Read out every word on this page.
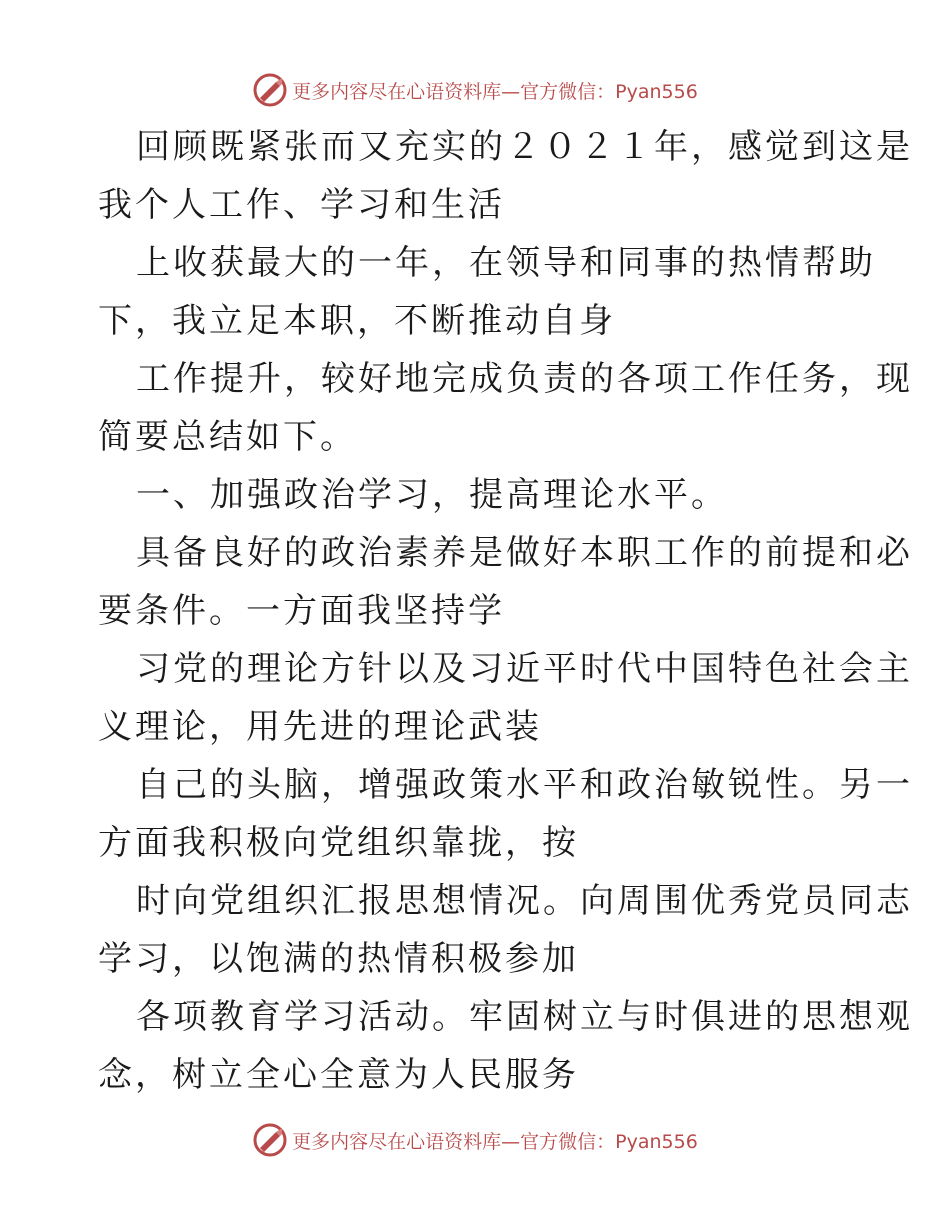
更多内容尽在心语资料库—官方微信：Pyan556
回顾既紧张而又充实的２０２１年，感觉到这是
我个人工作、学习和生活
上收获最大的一年，在领导和同事的热情帮助
下，我立足本职，不断推动自身
工作提升，较好地完成负责的各项工作任务，现
简要总结如下。
一、加强政治学习，提高理论水平。
具备良好的政治素养是做好本职工作的前提和必
要条件。一方面我坚持学
习党的理论方针以及习近平时代中国特色社会主
义理论，用先进的理论武装
自己的头脑，增强政策水平和政治敏锐性。另一
方面我积极向党组织靠拢，按
时向党组织汇报思想情况。向周围优秀党员同志
学习，以饱满的热情积极参加
各项教育学习活动。牢固树立与时俱进的思想观
念，树立全心全意为人民服务
更多内容尽在心语资料库—官方微信：Pyan556
